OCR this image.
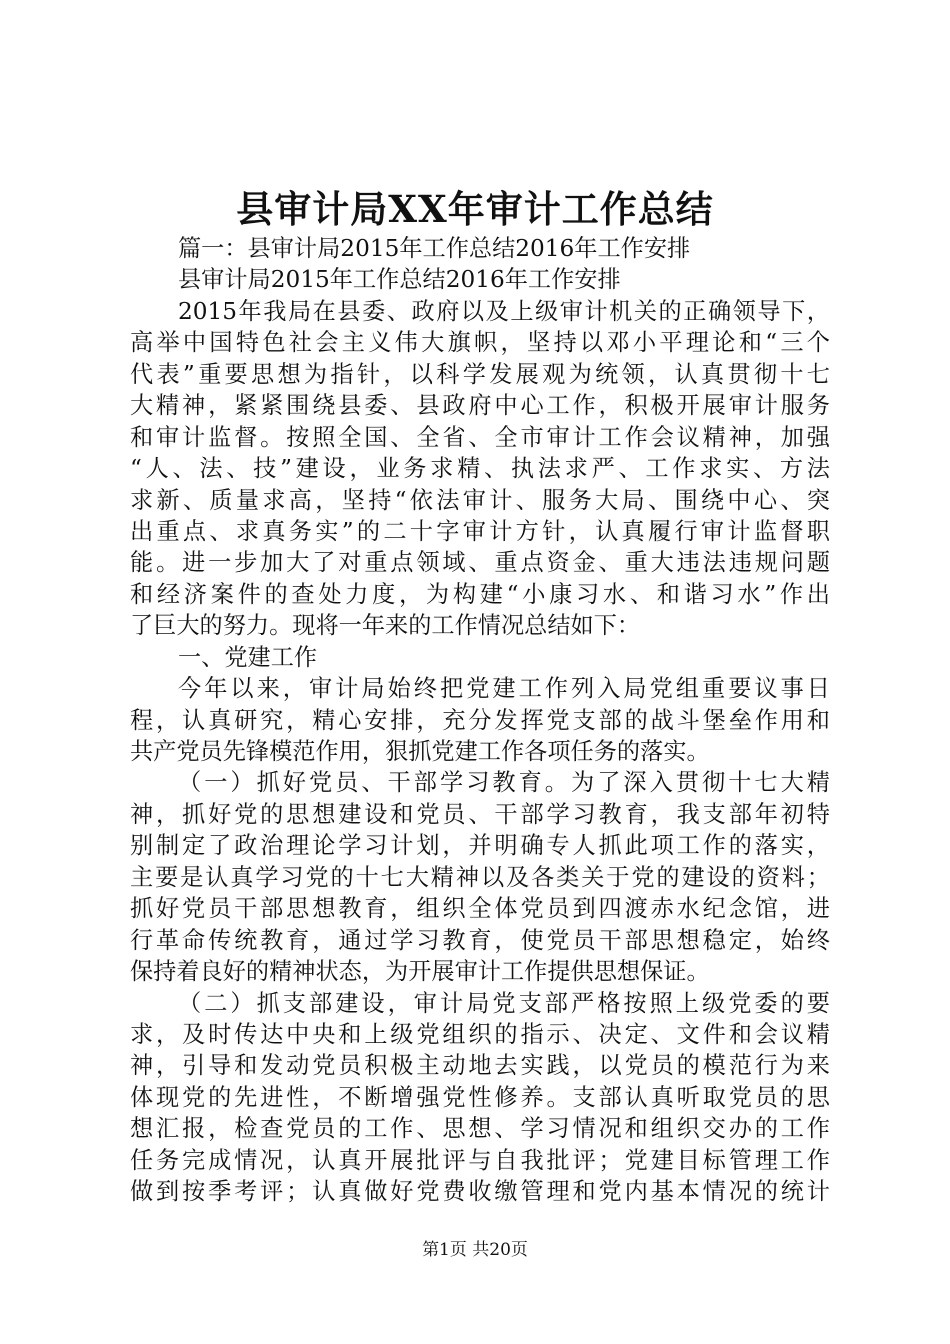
县审计局XX年审计工作总结
篇一：县审计局2015年工作总结2016年工作安排
县审计局2015年工作总结2016年工作安排
2015年我局在县委、政府以及上级审计机关的正确领导下，
高举中国特色社会主义伟大旗帜，坚持以邓小平理论和“三个
代表”重要思想为指针，以科学发展观为统领，认真贯彻十七
大精神，紧紧围绕县委、县政府中心工作，积极开展审计服务
和审计监督。按照全国、全省、全市审计工作会议精神，加强
“人、法、技”建设，业务求精、执法求严、工作求实、方法
求新、质量求高，坚持“依法审计、服务大局、围绕中心、突
出重点、求真务实”的二十字审计方针，认真履行审计监督职
能。进一步加大了对重点领域、重点资金、重大违法违规问题
和经济案件的查处力度，为构建“小康习水、和谐习水”作出
了巨大的努力。现将一年来的工作情况总结如下：
一、党建工作
今年以来，审计局始终把党建工作列入局党组重要议事日
程，认真研究，精心安排，充分发挥党支部的战斗堡垒作用和
共产党员先锋模范作用，狠抓党建工作各项任务的落实。
（一）抓好党员、干部学习教育。为了深入贯彻十七大精
神，抓好党的思想建设和党员、干部学习教育，我支部年初特
别制定了政治理论学习计划，并明确专人抓此项工作的落实，
主要是认真学习党的十七大精神以及各类关于党的建设的资料；
抓好党员干部思想教育，组织全体党员到四渡赤水纪念馆，进
行革命传统教育，通过学习教育，使党员干部思想稳定，始终
保持着良好的精神状态，为开展审计工作提供思想保证。
（二）抓支部建设，审计局党支部严格按照上级党委的要
求，及时传达中央和上级党组织的指示、决定、文件和会议精
神，引导和发动党员积极主动地去实践，以党员的模范行为来
体现党的先进性，不断增强党性修养。支部认真听取党员的思
想汇报，检查党员的工作、思想、学习情况和组织交办的工作
任务完成情况，认真开展批评与自我批评；党建目标管理工作
做到按季考评；认真做好党费收缴管理和党内基本情况的统计
第1页 共20页
